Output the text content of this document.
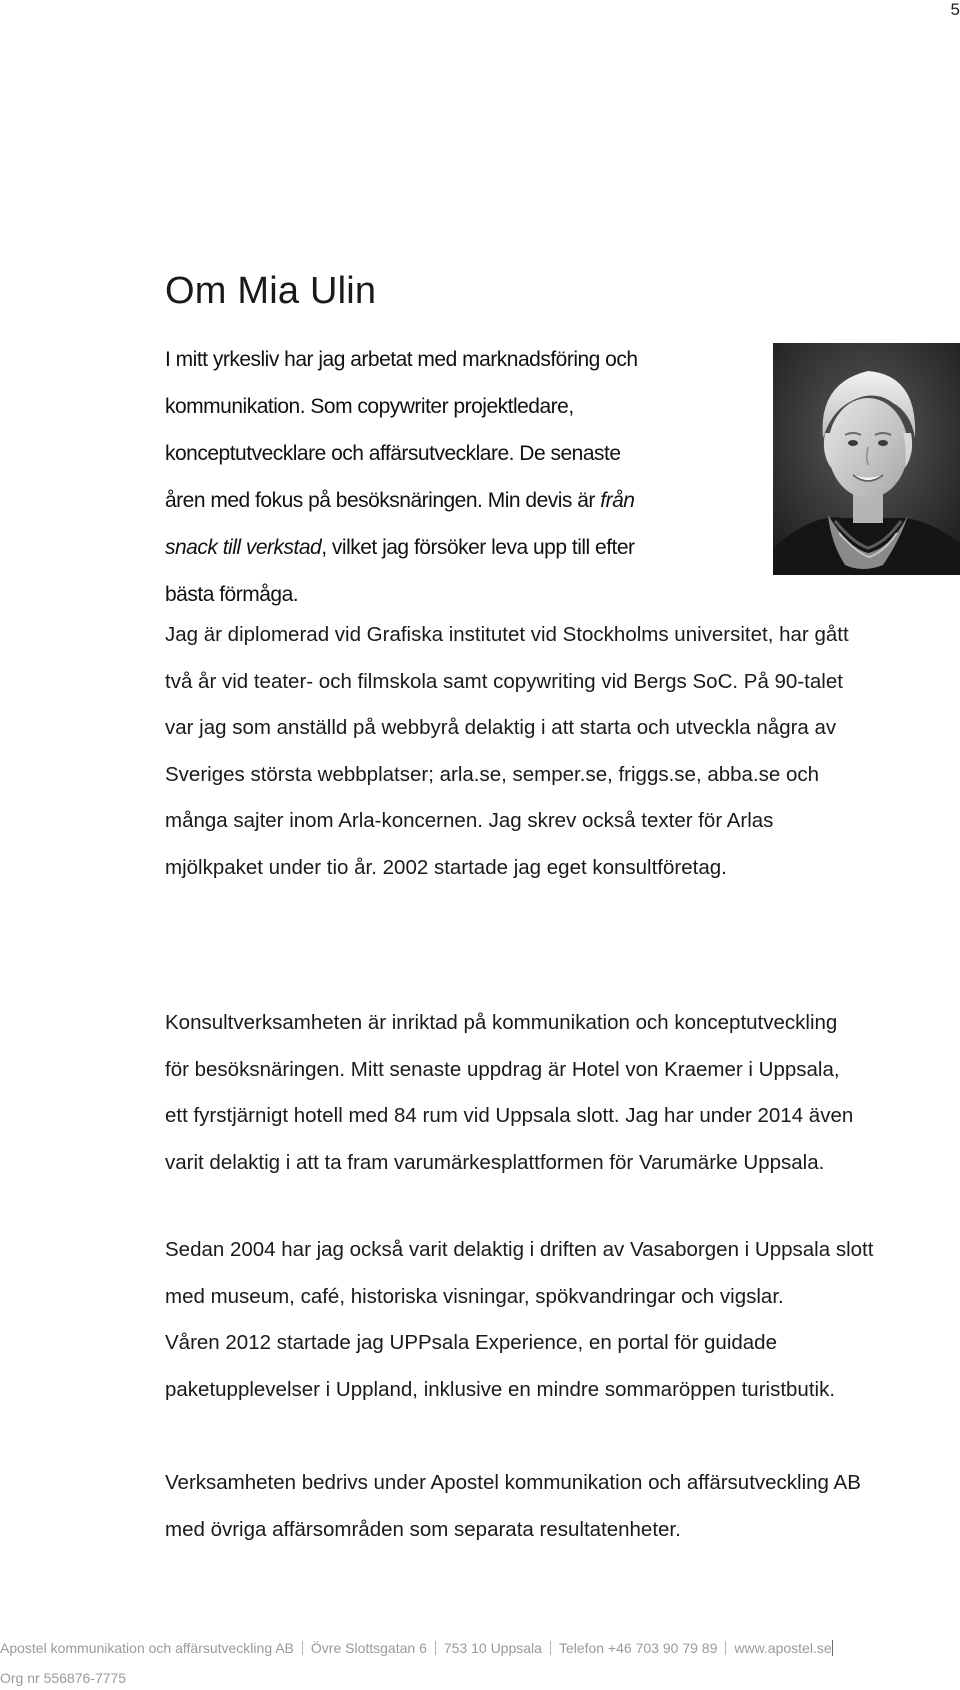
5
Om Mia Ulin

I mitt yrkesliv har jag arbetat med marknadsföring och
kommunikation. Som copywriter projektledare,
konceptutvecklare och affärsutvecklare. De senaste
åren med fokus på besöksnäringen. Min devis är från
snack till verkstad, vilket jag försöker leva upp till efter
bästa förmåga.

Jag är diplomerad vid Grafiska institutet vid Stockholms universitet, har gått
två år vid teater- och filmskola samt copywriting vid Bergs SoC. På 90-talet
var jag som anställd på webbyrå delaktig i att starta och utveckla några av
Sveriges största webbplatser; arla.se, semper.se, friggs.se, abba.se och
många sajter inom Arla-koncernen. Jag skrev också texter för Arlas
mjölkpaket under tio år. 2002 startade jag eget konsultföretag.

Konsultverksamheten är inriktad på kommunikation och konceptutveckling
för besöksnäringen. Mitt senaste uppdrag är Hotel von Kraemer i Uppsala,
ett fyrstjärnigt hotell med 84 rum vid Uppsala slott. Jag har under 2014 även
varit delaktig i att ta fram varumärkesplattformen för Varumärke Uppsala.

Sedan 2004 har jag också varit delaktig i driften av Vasaborgen i Uppsala slott
med museum, café, historiska visningar, spökvandringar och vigslar.
Våren 2012 startade jag UPPsala Experience, en portal för guidade
paketupplevelser i Uppland, inklusive en mindre sommaröppen turistbutik.

Verksamheten bedrivs under Apostel kommunikation och affärsutveckling AB
med övriga affärsområden som separata resultatenheter.

Apostel kommunikation och affärsutveckling AB Övre Slottsgatan 6 753 10 Uppsala Telefon +46 703 90 79 89 www.apostel.se
Org nr 556876-7775
